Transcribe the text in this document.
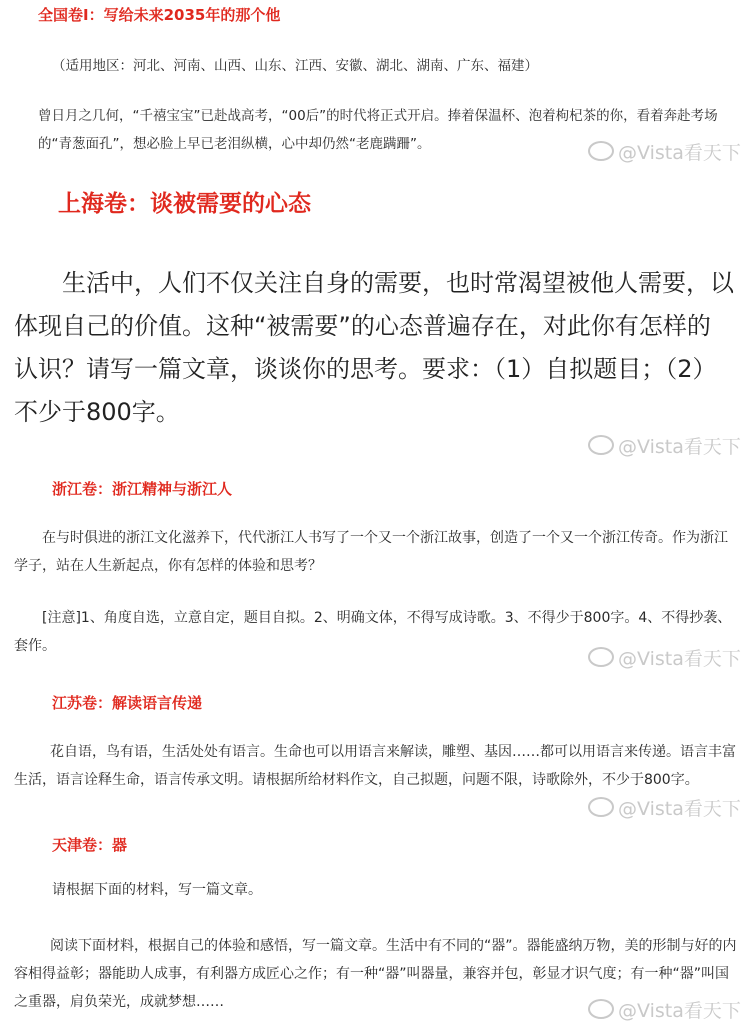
全国卷Ⅰ：写给未来2035年的那个他
（适用地区：河北、河南、山西、山东、江西、安徽、湖北、湖南、广东、福建）
曾日月之几何，“千禧宝宝”已赴战高考，“00后”的时代将正式开启。捧着保温杯、泡着枸杞茶的你，看着奔赴考场的“青葱面孔”，想必脸上早已老泪纵横，心中却仍然“老鹿蹒跚”。
上海卷：谈被需要的心态
生活中，人们不仅关注自身的需要，也时常渴望被他人需要，以体现自己的价值。这种“被需要”的心态普遍存在，对此你有怎样的认识？请写一篇文章，谈谈你的思考。要求：（1）自拟题目；（2）不少于800字。
浙江卷：浙江精神与浙江人
在与时俱进的浙江文化滋养下，代代浙江人书写了一个又一个浙江故事，创造了一个又一个浙江传奇。作为浙江学子，站在人生新起点，你有怎样的体验和思考？
[注意]1、角度自选，立意自定，题目自拟。2、明确文体，不得写成诗歌。3、不得少于800字。4、不得抄袭、套作。
江苏卷：解读语言传递
花自语，鸟有语，生活处处有语言。生命也可以用语言来解读，雕塑、基因……都可以用语言来传递。语言丰富生活，语言诠释生命，语言传承文明。请根据所给材料作文，自己拟题，问题不限，诗歌除外，不少于800字。
天津卷：器
请根据下面的材料，写一篇文章。
阅读下面材料，根据自己的体验和感悟，写一篇文章。生活中有不同的“器”。器能盛纳万物，美的形制与好的内容相得益彰；器能助人成事，有利器方成匠心之作；有一种“器”叫器量，兼容并包，彰显才识气度；有一种“器”叫国之重器，肩负荣光，成就梦想……
@Vista看天下
@Vista看天下
@Vista看天下
@Vista看天下
@Vista看天下
